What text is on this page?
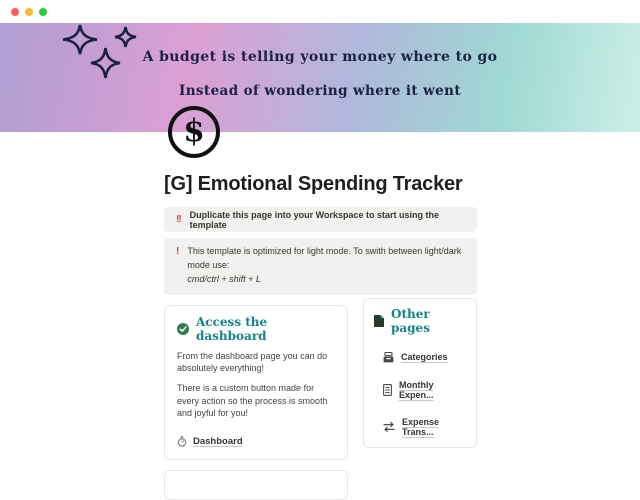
A budget is telling your money where to go
Instead of wondering where it went
$
[G] Emotional Spending Tracker
!! Duplicate this page into your Workspace to start using the template
! This template is optimized for light mode. To swith between light/dark mode use:
cmd/ctrl + shift + L
Access the dashboard

From the dashboard page you can do absolutely everything!

There is a custom button made for every action so the process is smooth and joyful for you!

Dashboard
Other pages
Categories
Monthly Expen...
Expense Trans...
